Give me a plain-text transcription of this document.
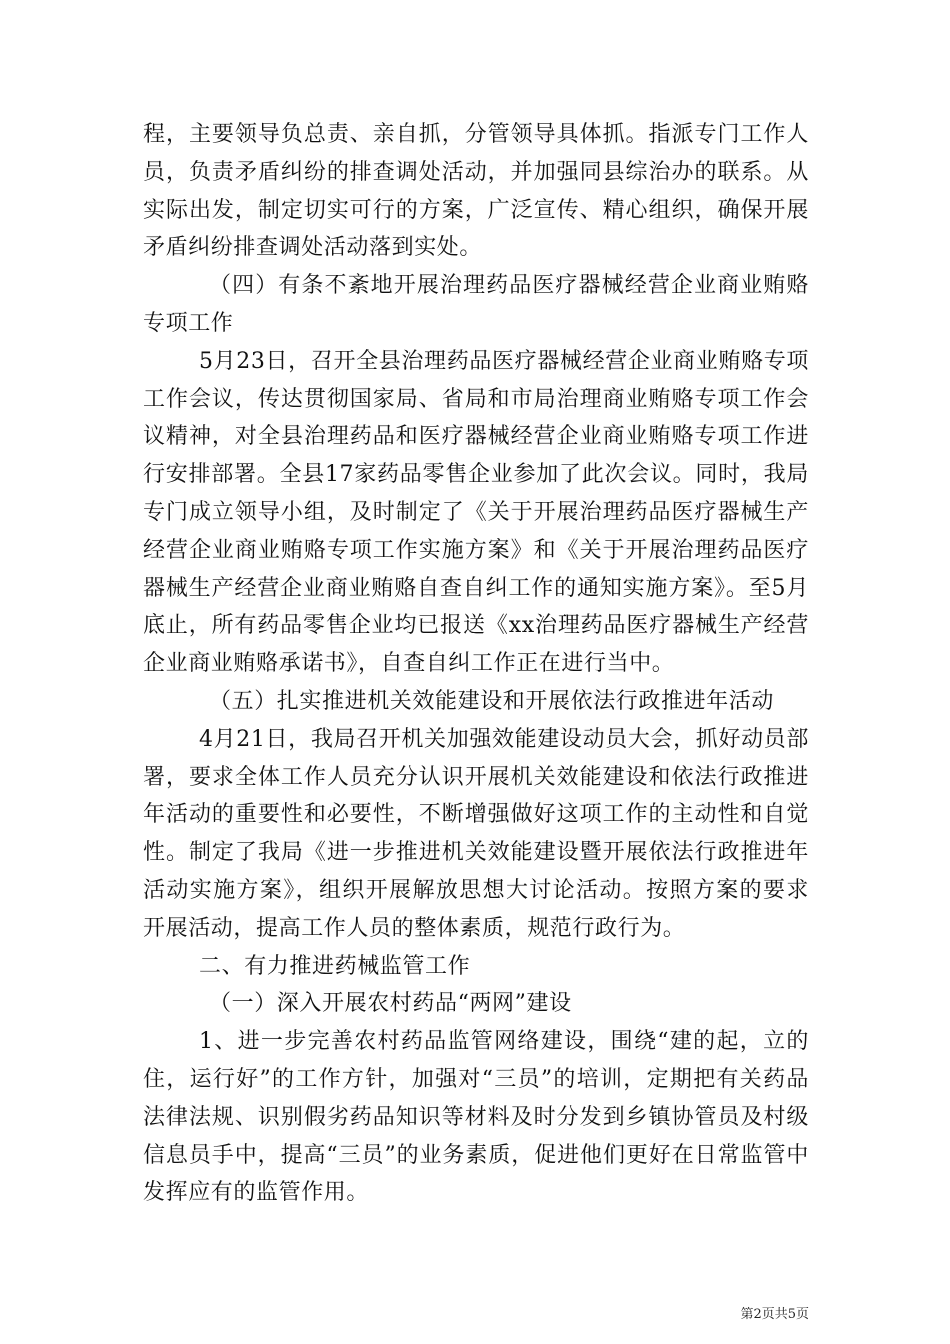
程，主要领导负总责、亲自抓，分管领导具体抓。指派专门工作人员，负责矛盾纠纷的排查调处活动，并加强同县综治办的联系。从实际出发，制定切实可行的方案，广泛宣传、精心组织，确保开展矛盾纠纷排查调处活动落到实处。

（四）有条不紊地开展治理药品医疗器械经营企业商业贿赂专项工作

5月23日，召开全县治理药品医疗器械经营企业商业贿赂专项工作会议，传达贯彻国家局、省局和市局治理商业贿赂专项工作会议精神，对全县治理药品和医疗器械经营企业商业贿赂专项工作进行安排部署。全县17家药品零售企业参加了此次会议。同时，我局专门成立领导小组，及时制定了《关于开展治理药品医疗器械生产经营企业商业贿赂专项工作实施方案》和《关于开展治理药品医疗器械生产经营企业商业贿赂自查自纠工作的通知实施方案》。至5月底止，所有药品零售企业均已报送《xx治理药品医疗器械生产经营企业商业贿赂承诺书》，自查自纠工作正在进行当中。

（五）扎实推进机关效能建设和开展依法行政推进年活动

4月21日，我局召开机关加强效能建设动员大会，抓好动员部署，要求全体工作人员充分认识开展机关效能建设和依法行政推进年活动的重要性和必要性，不断增强做好这项工作的主动性和自觉性。制定了我局《进一步推进机关效能建设暨开展依法行政推进年活动实施方案》，组织开展解放思想大讨论活动。按照方案的要求开展活动，提高工作人员的整体素质，规范行政行为。

二、有力推进药械监管工作

（一）深入开展农村药品“两网”建设

1、进一步完善农村药品监管网络建设，围绕“建的起，立的住，运行好”的工作方针，加强对“三员”的培训，定期把有关药品法律法规、识别假劣药品知识等材料及时分发到乡镇协管员及村级信息员手中，提高“三员”的业务素质，促进他们更好在日常监管中发挥应有的监管作用。

第2页共5页
